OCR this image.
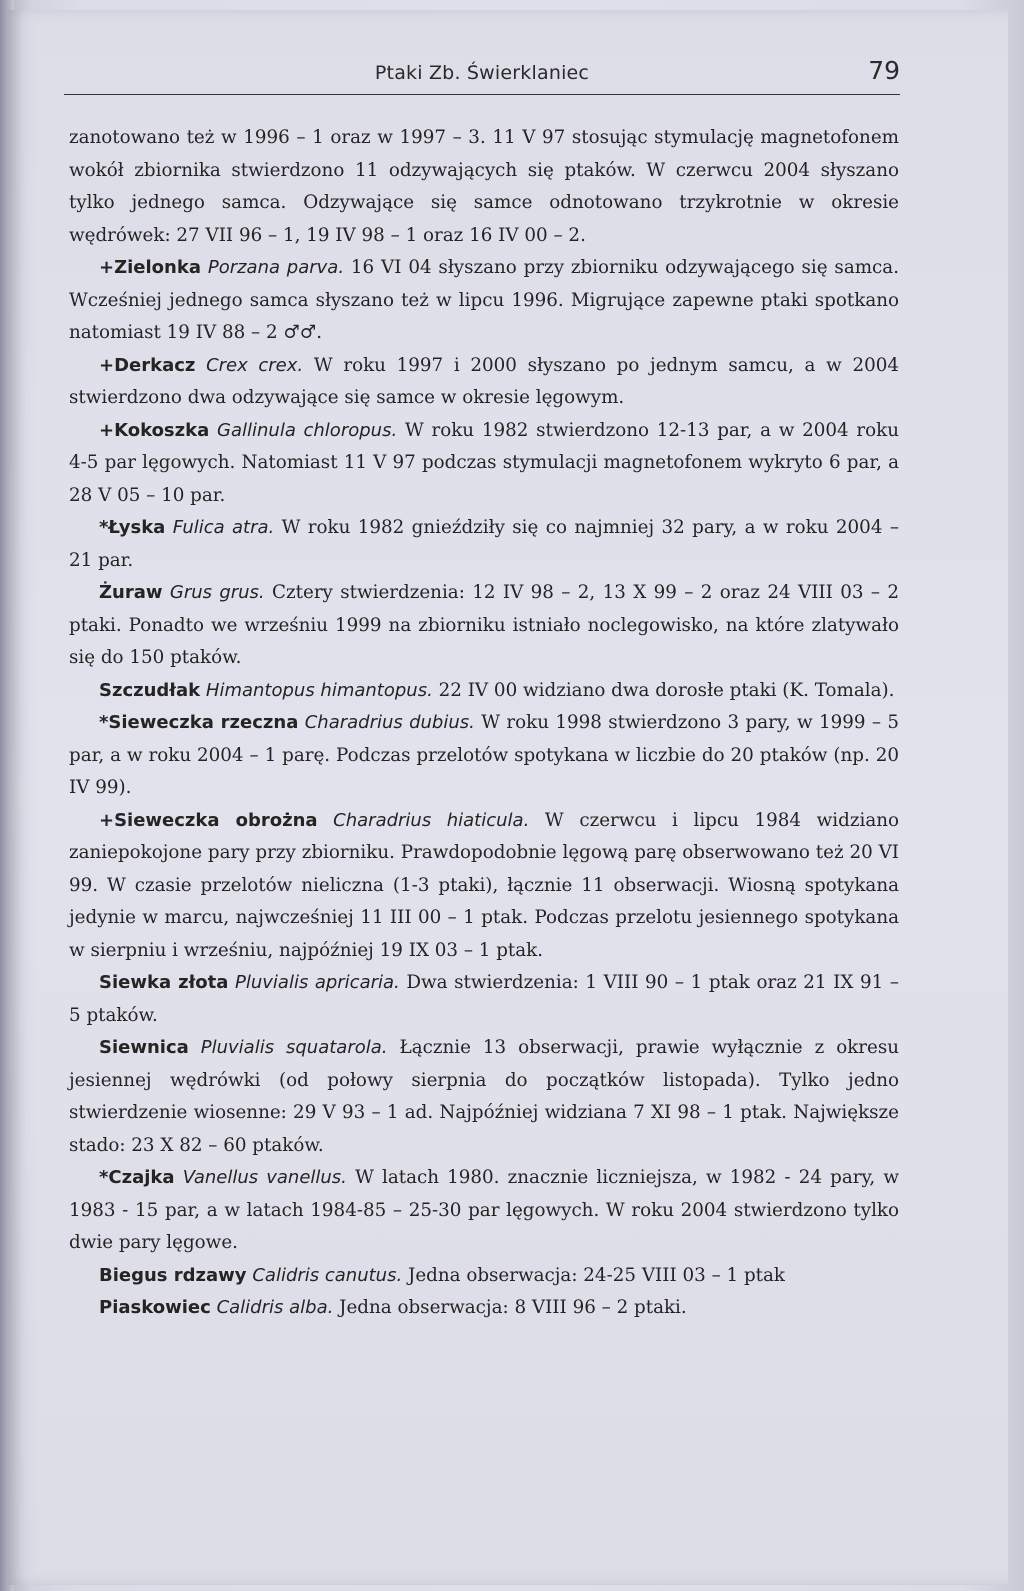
Ptaki Zb. Świerklaniec	79

zanotowano też w 1996 – 1 oraz w 1997 – 3. 11 V 97 stosując stymulację magnetofonem wokół zbiornika stwierdzono 11 odzywających się ptaków. W czerwcu 2004 słyszano tylko jednego samca. Odzywające się samce odnotowano trzykrotnie w okresie wędrówek: 27 VII 96 – 1, 19 IV 98 – 1 oraz 16 IV 00 – 2.

+Zielonka Porzana parva. 16 VI 04 słyszano przy zbiorniku odzywającego się samca. Wcześniej jednego samca słyszano też w lipcu 1996. Migrujące zapewne ptaki spotkano natomiast 19 IV 88 – 2 ♂♂.

+Derkacz Crex crex. W roku 1997 i 2000 słyszano po jednym samcu, a w 2004 stwierdzono dwa odzywające się samce w okresie lęgowym.

+Kokoszka Gallinula chloropus. W roku 1982 stwierdzono 12-13 par, a w 2004 roku 4-5 par lęgowych. Natomiast 11 V 97 podczas stymulacji magnetofonem wykryto 6 par, a 28 V 05 – 10 par.

*Łyska Fulica atra. W roku 1982 gnieździły się co najmniej 32 pary, a w roku 2004 – 21 par.

Żuraw Grus grus. Cztery stwierdzenia: 12 IV 98 – 2, 13 X 99 – 2 oraz 24 VIII 03 – 2 ptaki. Ponadto we wrześniu 1999 na zbiorniku istniało noclegowisko, na które zlatywało się do 150 ptaków.

Szczudłak Himantopus himantopus. 22 IV 00 widziano dwa dorosłe ptaki (K. Tomala).

*Sieweczka rzeczna Charadrius dubius. W roku 1998 stwierdzono 3 pary, w 1999 – 5 par, a w roku 2004 – 1 parę. Podczas przelotów spotykana w liczbie do 20 ptaków (np. 20 IV 99).

+Sieweczka obrożna Charadrius hiaticula. W czerwcu i lipcu 1984 widziano zaniepokojone pary przy zbiorniku. Prawdopodobnie lęgową parę obserwowano też 20 VI 99. W czasie przelotów nieliczna (1-3 ptaki), łącznie 11 obserwacji. Wiosną spotykana jedynie w marcu, najwcześniej 11 III 00 – 1 ptak. Podczas przelotu jesiennego spotykana w sierpniu i wrześniu, najpóźniej 19 IX 03 – 1 ptak.

Siewka złota Pluvialis apricaria. Dwa stwierdzenia: 1 VIII 90 – 1 ptak oraz 21 IX 91 – 5 ptaków.

Siewnica Pluvialis squatarola. Łącznie 13 obserwacji, prawie wyłącznie z okresu jesiennej wędrówki (od połowy sierpnia do początków listopada). Tylko jedno stwierdzenie wiosenne: 29 V 93 – 1 ad. Najpóźniej widziana 7 XI 98 – 1 ptak. Największe stado: 23 X 82 – 60 ptaków.

*Czajka Vanellus vanellus. W latach 1980. znacznie liczniejsza, w 1982 - 24 pary, w 1983 - 15 par, a w latach 1984-85 – 25-30 par lęgowych. W roku 2004 stwierdzono tylko dwie pary lęgowe.

Biegus rdzawy Calidris canutus. Jedna obserwacja: 24-25 VIII 03 – 1 ptak

Piaskowiec Calidris alba. Jedna obserwacja: 8 VIII 96 – 2 ptaki.
